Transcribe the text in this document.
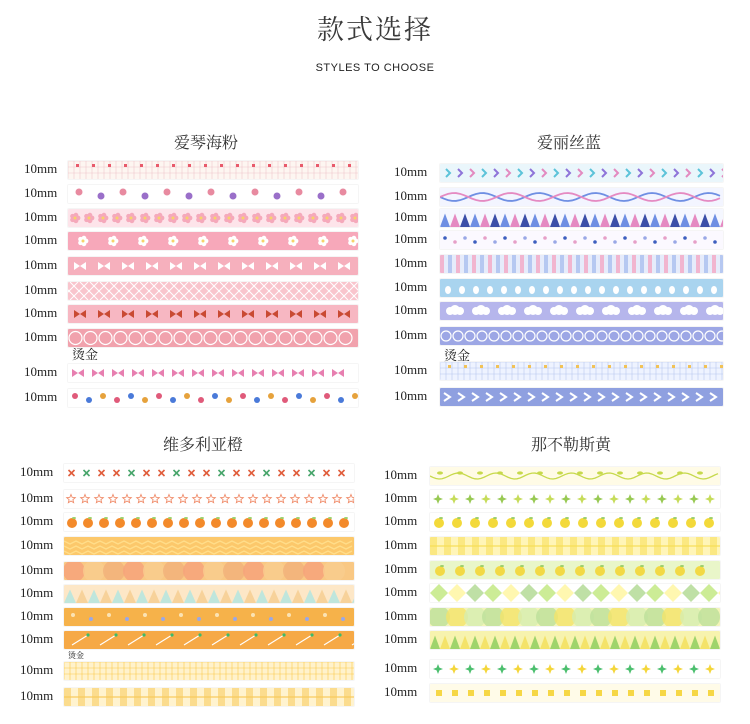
款式选择
STYLES TO CHOOSE
爱琴海粉	爱丽丝蓝
维多利亚橙	那不勒斯黄
10mm
10mm
10mm
10mm
10mm
10mm
10mm
10mm
10mm
10mm
烫金
10mm
10mm
10mm
10mm
10mm
10mm
10mm
10mm
10mm
10mm
烫金
10mm
10mm
10mm
10mm
10mm
10mm
10mm
10mm
10mm
10mm
烫金
10mm
10mm
10mm
10mm
10mm
10mm
10mm
10mm
10mm
10mm
